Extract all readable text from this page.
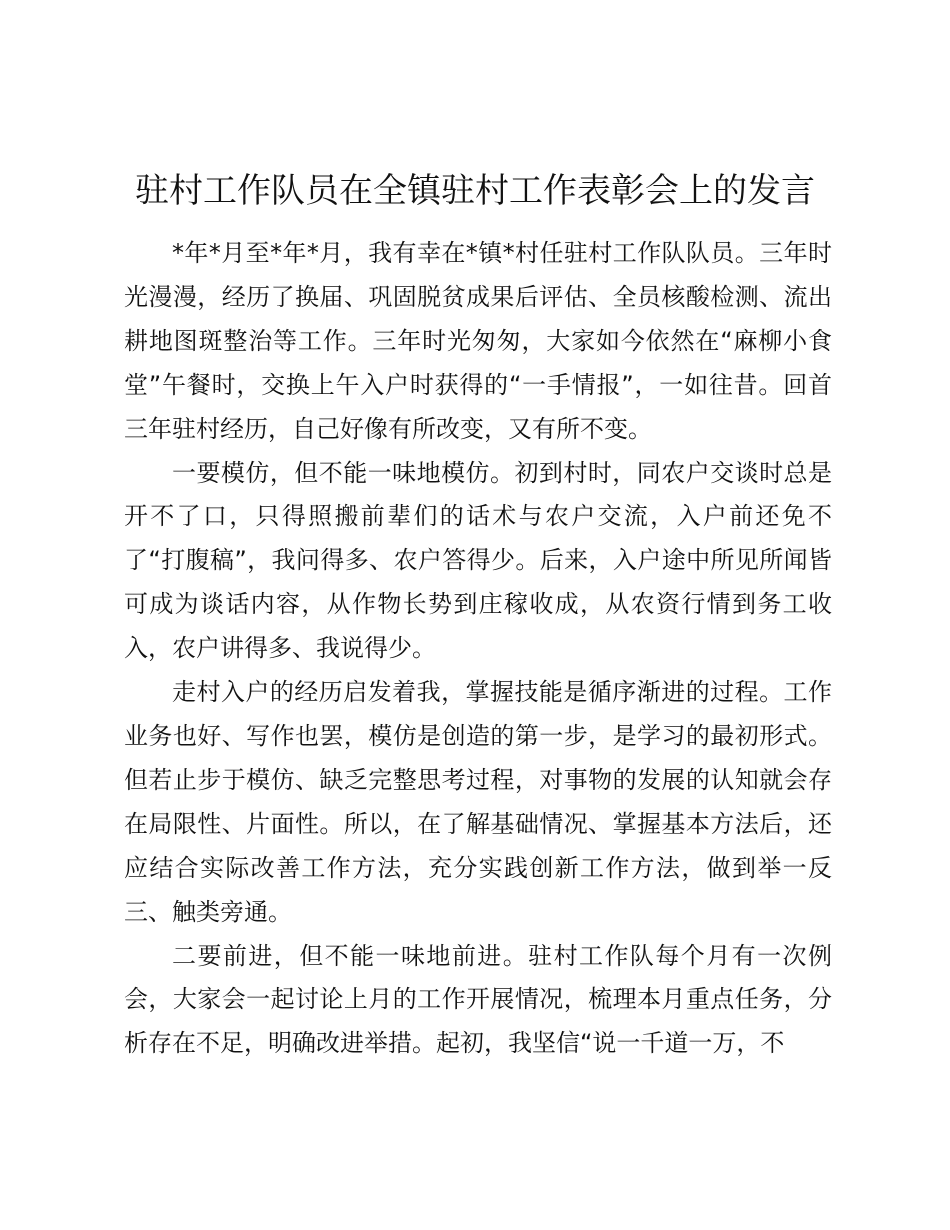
驻村工作队员在全镇驻村工作表彰会上的发言

*年*月至*年*月，我有幸在*镇*村任驻村工作队队员。三年时光漫漫，经历了换届、巩固脱贫成果后评估、全员核酸检测、流出耕地图斑整治等工作。三年时光匆匆，大家如今依然在“麻柳小食堂”午餐时，交换上午入户时获得的“一手情报”，一如往昔。回首三年驻村经历，自己好像有所改变，又有所不变。

一要模仿，但不能一味地模仿。初到村时，同农户交谈时总是开不了口，只得照搬前辈们的话术与农户交流，入户前还免不了“打腹稿”，我问得多、农户答得少。后来，入户途中所见所闻皆可成为谈话内容，从作物长势到庄稼收成，从农资行情到务工收入，农户讲得多、我说得少。

走村入户的经历启发着我，掌握技能是循序渐进的过程。工作业务也好、写作也罢，模仿是创造的第一步，是学习的最初形式。但若止步于模仿、缺乏完整思考过程，对事物的发展的认知就会存在局限性、片面性。所以，在了解基础情况、掌握基本方法后，还应结合实际改善工作方法，充分实践创新工作方法，做到举一反三、触类旁通。

二要前进，但不能一味地前进。驻村工作队每个月有一次例会，大家会一起讨论上月的工作开展情况，梳理本月重点任务，分析存在不足，明确改进举措。起初，我坚信“说一千道一万，不
